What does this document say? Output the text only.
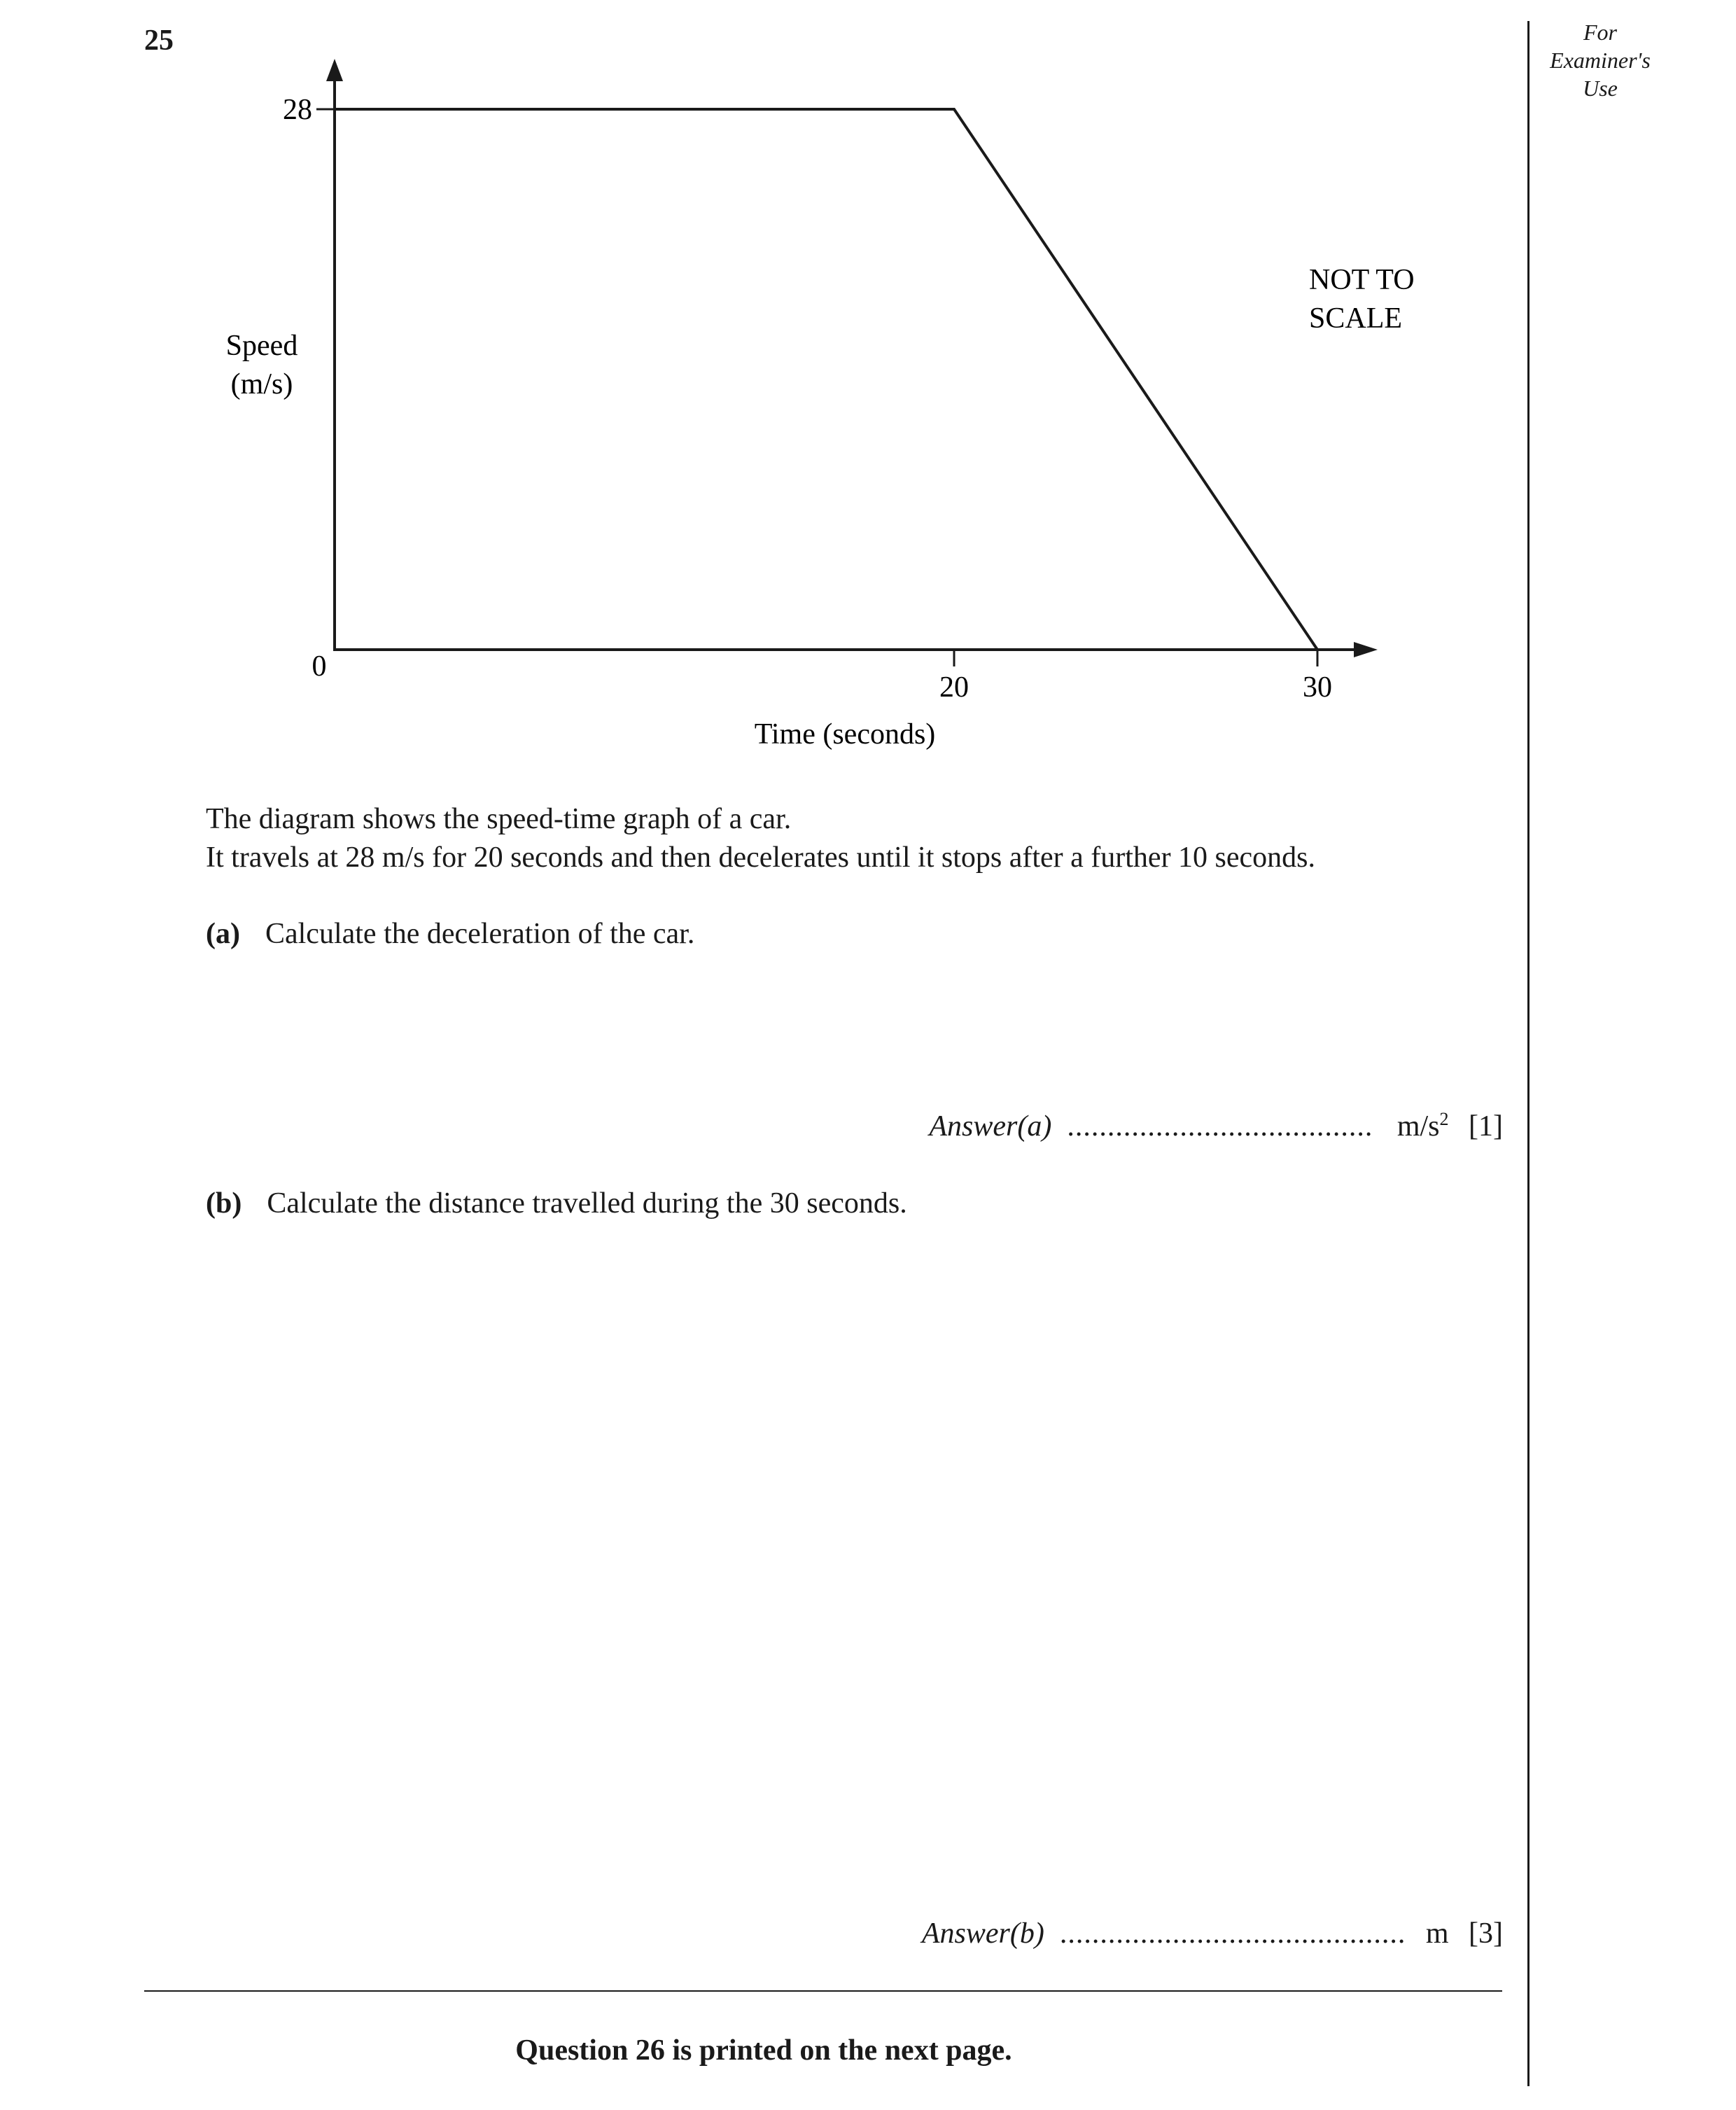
25	For
Examiner's
Use
28
20	30
0
Speed
(m/s)
Time (seconds)
NOT TO
SCALE
The diagram shows the speed-time graph of a car.
It travels at 28 m/s for 20 seconds and then decelerates until it stops after a further 10 seconds.
(a) Calculate the deceleration of the car.
Answer(a) ...................................... $m/s^2$ [1]
(b) Calculate the distance travelled during the 30 seconds.
Answer(b) ........................................... m [3]
Question 26 is printed on the next page.
